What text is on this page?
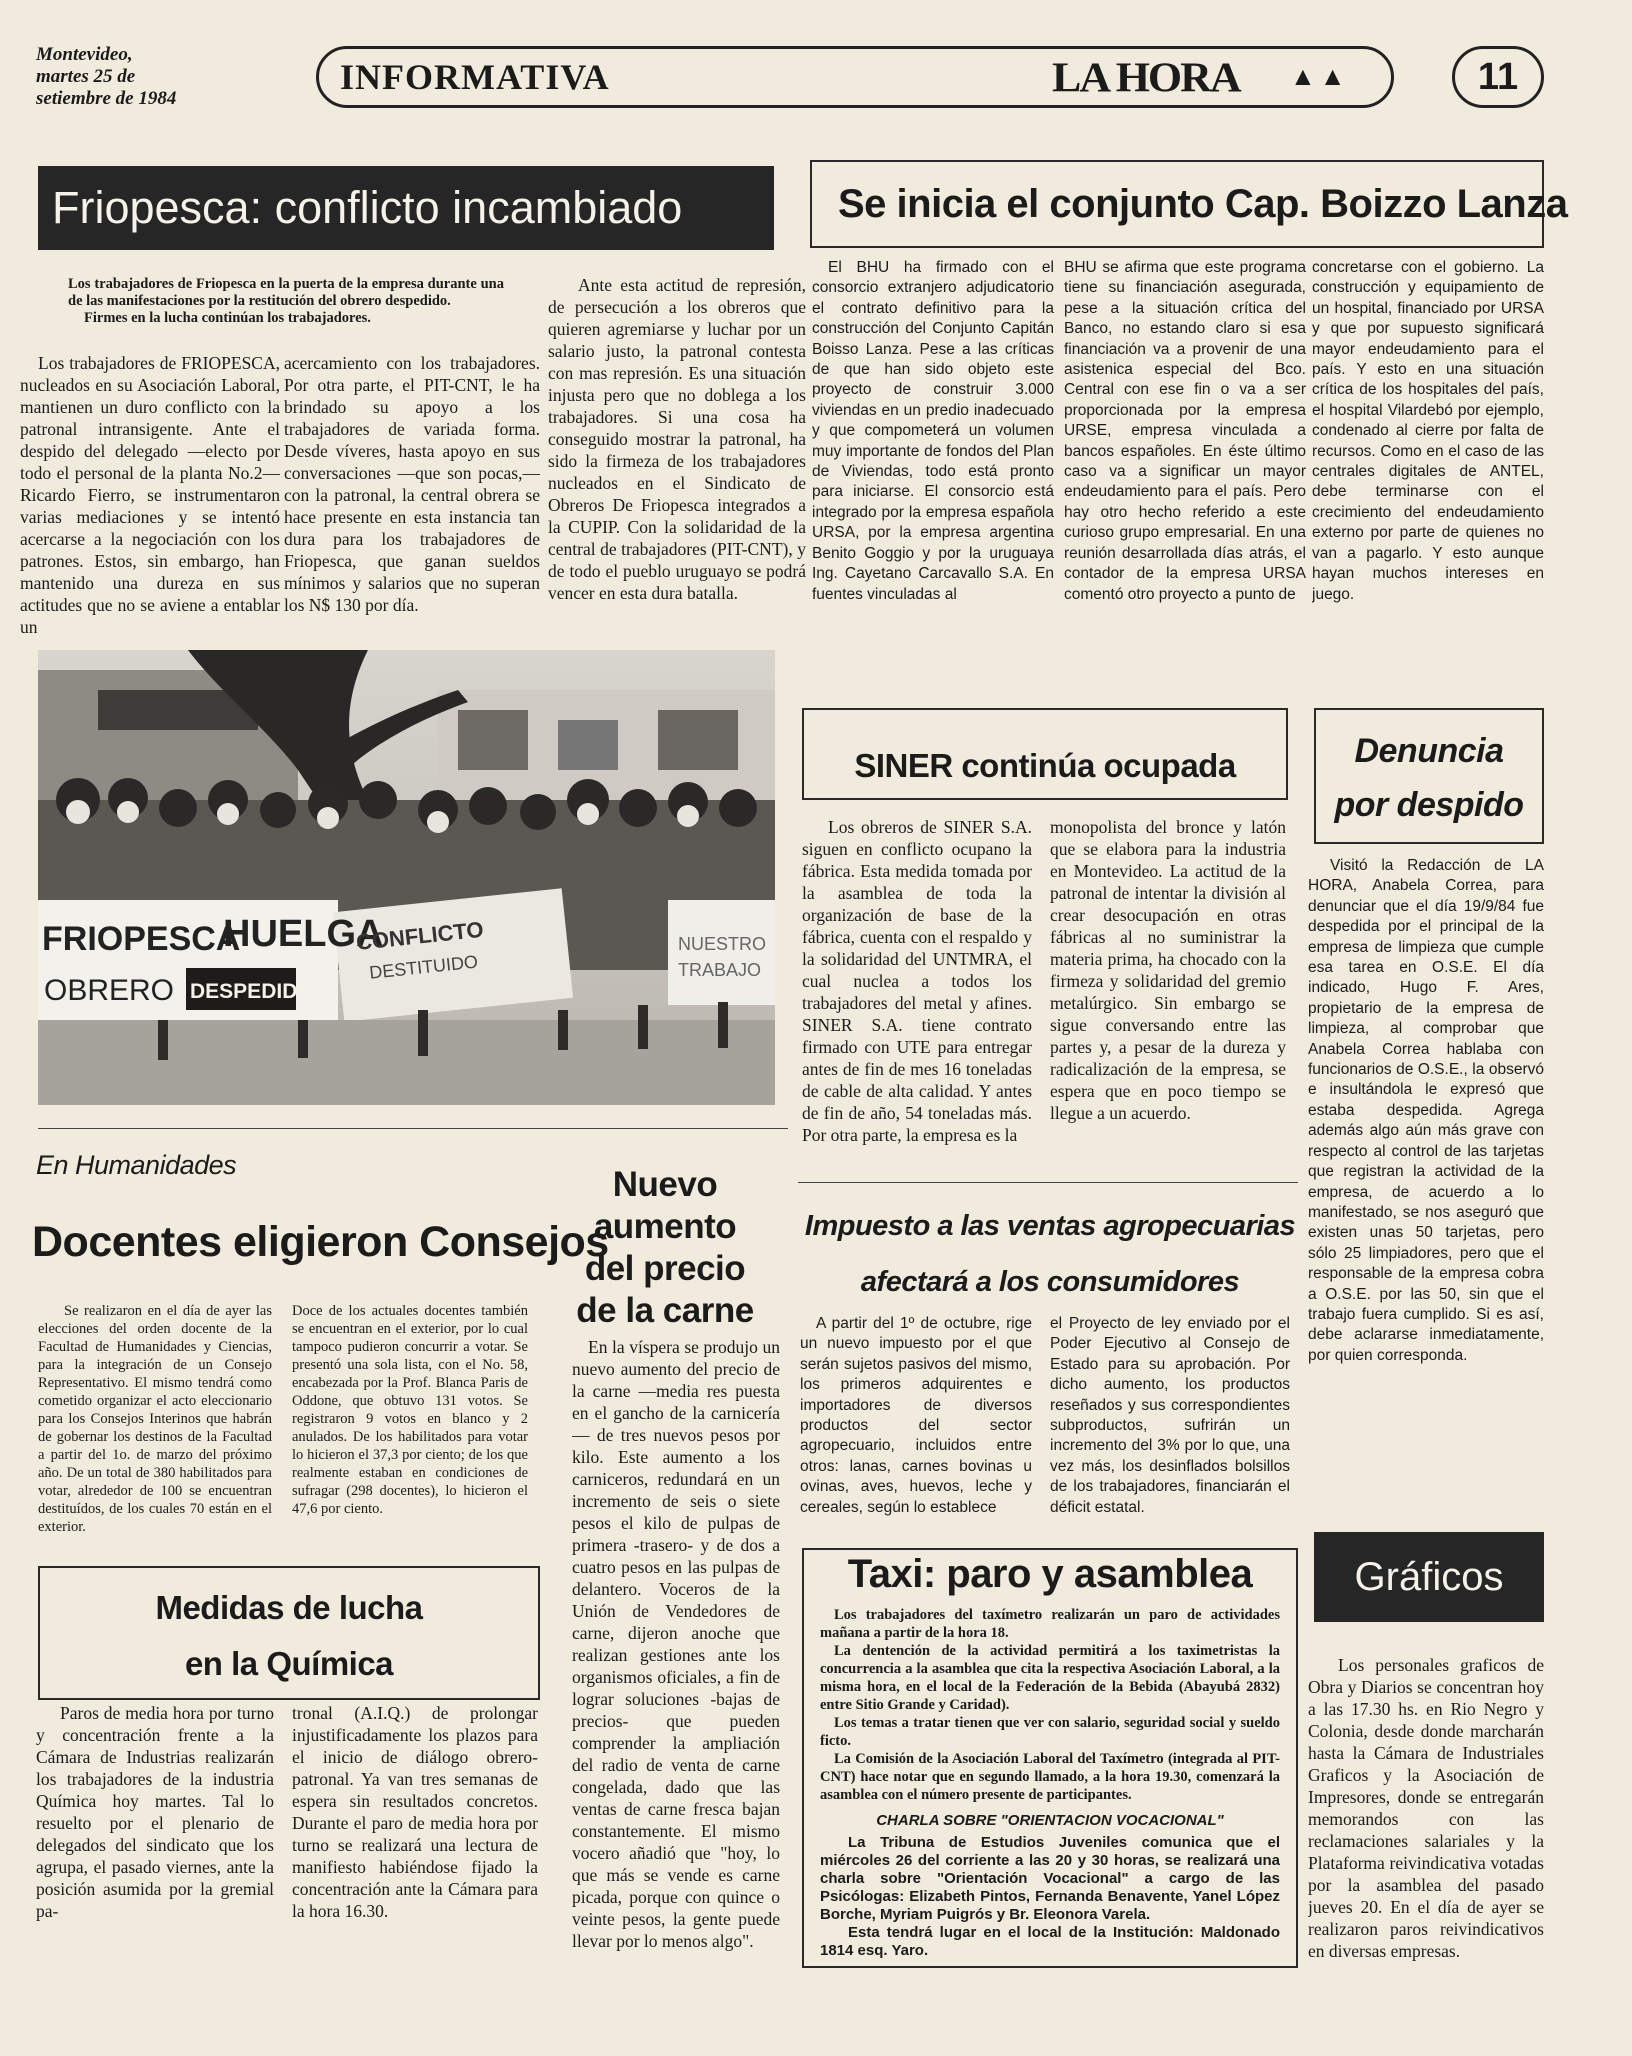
Montevideo,
martes 25 de
setiembre de 1984
INFORMATIVA	LA HORA ▲▲	11
Friopesca: conflicto incambiado

Los trabajadores de Friopesca en la puerta de la empresa durante una de las manifestaciones por la restitución del obrero despedido.

Firmes en la lucha continúan los trabajadores.

Los trabajadores de FRIOPESCA, nucleados en su Asociación Laboral, mantienen un duro conflicto con la patronal intransigente. Ante el despido del delegado —electo por todo el personal de la planta No.2— Ricardo Fierro, se instrumentaron varias mediaciones y se intentó acercarse a la negociación con los patrones. Estos, sin embargo, han mantenido una dureza en sus actitudes que no se aviene a entablar un
acercamiento con los trabajadores. Por otra parte, el PIT-CNT, le ha brindado su apoyo a los trabajadores de variada forma. Desde víveres, hasta apoyo en sus conversaciones —que son pocas,— con la patronal, la central obrera se hace presente en esta instancia tan dura para los trabajadores de Friopesca, que ganan sueldos mínimos y salarios que no superan los N$ 130 por día.
Ante esta actitud de represión, de persecución a los obreros que quieren agremiarse y luchar por un salario justo, la patronal contesta con mas represión. Es una situación injusta pero que no doblega a los trabajadores. Si una cosa ha conseguido mostrar la patronal, ha sido la firmeza de los trabajadores nucleados en el Sindicato de Obreros De Friopesca integrados a la CUPIP. Con la solidaridad de la central de trabajadores (PIT-CNT), y de todo el pueblo uruguayo se podrá vencer en esta dura batalla.
FRIOPESCA
HUELGA
OBRERO DESPEDIDO
CONFLICTO
DESTITUIDO
NUESTRO
TRABAJO
Se inicia el conjunto Cap. Boizzo Lanza
El BHU ha firmado con el consorcio extranjero adjudicatorio el contrato definitivo para la construcción del Conjunto Capitán Boisso Lanza. Pese a las críticas de que han sido objeto este proyecto de construir 3.000 viviendas en un predio inadecuado y que compometerá un volumen muy importante de fondos del Plan de Viviendas, todo está pronto para iniciarse. El consorcio está integrado por la empresa española URSA, por la empresa argentina Benito Goggio y por la uruguaya Ing. Cayetano Carcavallo S.A. En fuentes vinculadas al
BHU se afirma que este programa tiene su financiación asegurada, pese a la situación crítica del Banco, no estando claro si esa financiación va a provenir de una asistenica especial del Bco. Central con ese fin o va a ser proporcionada por la empresa URSE, empresa vinculada a bancos españoles. En éste último caso va a significar un mayor endeudamiento para el país. Pero hay otro hecho referido a este curioso grupo empresarial. En una reunión desarrollada días atrás, el contador de la empresa URSA comentó otro proyecto a punto de
concretarse con el gobierno. La construcción y equipamiento de un hospital, financiado por URSA y que por supuesto significará mayor endeudamiento para el país. Y esto en una situación crítica de los hospitales del país, el hospital Vilardebó por ejemplo, condenado al cierre por falta de recursos. Como en el caso de las centrales digitales de ANTEL, debe terminarse con el crecimiento del endeudamiento externo por parte de quienes no van a pagarlo. Y esto aunque hayan muchos intereses en juego.
SINER continúa ocupada
Los obreros de SINER S.A. siguen en conflicto ocupano la fábrica. Esta medida tomada por la asamblea de toda la organización de base de la fábrica, cuenta con el respaldo y la solidaridad del UNTMRA, el cual nuclea a todos los trabajadores del metal y afines. SINER S.A. tiene contrato firmado con UTE para entregar antes de fin de mes 16 toneladas de cable de alta calidad. Y antes de fin de año, 54 toneladas más. Por otra parte, la empresa es la
monopolista del bronce y latón que se elabora para la industria en Montevideo. La actitud de la patronal de intentar la división al crear desocupación en otras fábricas al no suministrar la materia prima, ha chocado con la firmeza y solidaridad del gremio metalúrgico. Sin embargo se sigue conversando entre las partes y, a pesar de la dureza y radicalización de la empresa, se espera que en poco tiempo se llegue a un acuerdo.
Denuncia
por despido
Visitó la Redacción de LA HORA, Anabela Correa, para denunciar que el día 19/9/84 fue despedida por el principal de la empresa de limpieza que cumple esa tarea en O.S.E. El día indicado, Hugo F. Ares, propietario de la empresa de limpieza, al comprobar que Anabela Correa hablaba con funcionarios de O.S.E., la observó e insultándola le expresó que estaba despedida. Agrega además algo aún más grave con respecto al control de las tarjetas que registran la actividad de la empresa, de acuerdo a lo manifestado, se nos aseguró que existen unas 50 tarjetas, pero sólo 25 limpiadores, pero que el responsable de la empresa cobra a O.S.E. por las 50, sin que el trabajo fuera cumplido. Si es así, debe aclararse inmediatamente, por quien corresponda.
En Humanidades
Docentes eligieron Consejos
Se realizaron en el día de ayer las elecciones del orden docente de la Facultad de Humanidades y Ciencias, para la integración de un Consejo Representativo. El mismo tendrá como cometido organizar el acto eleccionario para los Consejos Interinos que habrán de gobernar los destinos de la Facultad a partir del 1o. de marzo del próximo año. De un total de 380 habilitados para votar, alrededor de 100 se encuentran destituídos, de los cuales 70 están en el exterior.
Doce de los actuales docentes también se encuentran en el exterior, por lo cual tampoco pudieron concurrir a votar. Se presentó una sola lista, con el No. 58, encabezada por la Prof. Blanca Paris de Oddone, que obtuvo 131 votos. Se registraron 9 votos en blanco y 2 anulados. De los habilitados para votar lo hicieron el 37,3 por ciento; de los que realmente estaban en condiciones de sufragar (298 docentes), lo hicieron el 47,6 por ciento.
Nuevo aumento
del precio
de la carne
En la víspera se produjo un nuevo aumento del precio de la carne —media res puesta en el gancho de la carnicería— de tres nuevos pesos por kilo. Este aumento a los carniceros, redundará en un incremento de seis o siete pesos el kilo de pulpas de primera -trasero- y de dos a cuatro pesos en las pulpas de delantero. Voceros de la Unión de Vendedores de carne, dijeron anoche que realizan gestiones ante los organismos oficiales, a fin de lograr soluciones -bajas de precios- que pueden comprender la ampliación del radio de venta de carne congelada, dado que las ventas de carne fresca bajan constantemente. El mismo vocero añadió que "hoy, lo que más se vende es carne picada, porque con quince o veinte pesos, la gente puede llevar por lo menos algo".
Medidas de lucha
en la Química
Paros de media hora por turno y concentración frente a la Cámara de Industrias realizarán los trabajadores de la industria Química hoy martes. Tal lo resuelto por el plenario de delegados del sindicato que los agrupa, el pasado viernes, ante la posición asumida por la gremial pa-
tronal (A.I.Q.) de prolongar injustificadamente los plazos para el inicio de diálogo obrero-patronal. Ya van tres semanas de espera sin resultados concretos. Durante el paro de media hora por turno se realizará una lectura de manifiesto habiéndose fijado la concentración ante la Cámara para la hora 16.30.
Impuesto a las ventas agropecuarias
afectará a los consumidores
A partir del 1º de octubre, rige un nuevo impuesto por el que serán sujetos pasivos del mismo, los primeros adquirentes e importadores de diversos productos del sector agropecuario, incluidos entre otros: lanas, carnes bovinas u ovinas, aves, huevos, leche y cereales, según lo establece
el Proyecto de ley enviado por el Poder Ejecutivo al Consejo de Estado para su aprobación. Por dicho aumento, los productos reseñados y sus correspondientes subproductos, sufrirán un incremento del 3% por lo que, una vez más, los desinflados bolsillos de los trabajadores, financiarán el déficit estatal.
Taxi: paro y asamblea

Los trabajadores del taxímetro realizarán un paro de actividades mañana a partir de la hora 18.

La dentención de la actividad permitirá a los taximetristas la concurrencia a la asamblea que cita la respectiva Asociación Laboral, a la misma hora, en el local de la Federación de la Bebida (Abayubá 2832) entre Sitio Grande y Caridad).

Los temas a tratar tienen que ver con salario, seguridad social y sueldo ficto.

La Comisión de la Asociación Laboral del Taxímetro (integrada al PIT-CNT) hace notar que en segundo llamado, a la hora 19.30, comenzará la asamblea con el número presente de participantes.

CHARLA SOBRE "ORIENTACION VOCACIONAL"

La Tribuna de Estudios Juveniles comunica que el miércoles 26 del corriente a las 20 y 30 horas, se realizará una charla sobre "Orientación Vocacional" a cargo de las Psicólogas: Elizabeth Pintos, Fernanda Benavente, Yanel López Borche, Myriam Puigrós y Br. Eleonora Varela.

Esta tendrá lugar en el local de la Institución: Maldonado 1814 esq. Yaro.

Gráficos
Los personales graficos de Obra y Diarios se concentran hoy a las 17.30 hs. en Rio Negro y Colonia, desde donde marcharán hasta la Cámara de Industriales Graficos y la Asociación de Impresores, donde se entregarán memorandos con las reclamaciones salariales y la Plataforma reivindicativa votadas por la asamblea del pasado jueves 20. En el día de ayer se realizaron paros reivindicativos en diversas empresas.
